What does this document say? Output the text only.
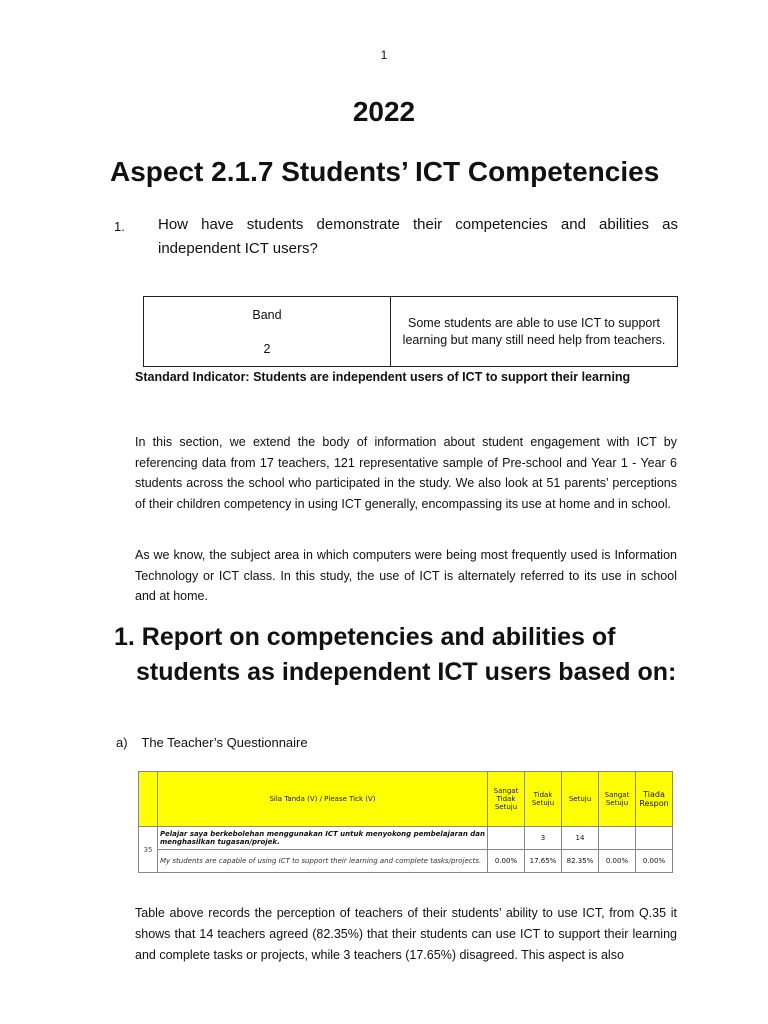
1
2022
Aspect 2.1.7 Students’ ICT Competencies
1. How have students demonstrate their competencies and abilities as independent ICT users?
Band
2
	Some students are able to use ICT to support learning but many still need help from teachers.
Standard Indicator: Students are independent users of ICT to support their learning
In this section, we extend the body of information about student engagement with ICT by referencing data from 17 teachers, 121 representative sample of Pre-school and Year 1 - Year 6 students across the school who participated in the study. We also look at 51 parents’ perceptions of their children competency in using ICT generally, encompassing its use at home and in school.
As we know, the subject area in which computers were being most frequently used is Information Technology or ICT class. In this study, the use of ICT is alternately referred to its use in school and at home.
1. Report on competencies and abilities of
students as independent ICT users based on:
a) The Teacher’s Questionnaire
	Sila Tanda (V) / Please Tick (V)	Sangat Tidak Setuju	Tidak Setuju	Setuju	Sangat Setuju	Tiada Respon
35	Pelajar saya berkebolehan menggunakan ICT untuk menyokong pembelajaran dan menghasilkan tugasan/projek.		3	14		
	My students are capable of using ICT to support their learning and complete tasks/projects.	0.00%	17.65%	82.35%	0.00%	0.00%
Table above records the perception of teachers of their students’ ability to use ICT, from Q.35 it shows that 14 teachers agreed (82.35%) that their students can use ICT to support their learning and complete tasks or projects, while 3 teachers (17.65%) disagreed. This aspect is also
